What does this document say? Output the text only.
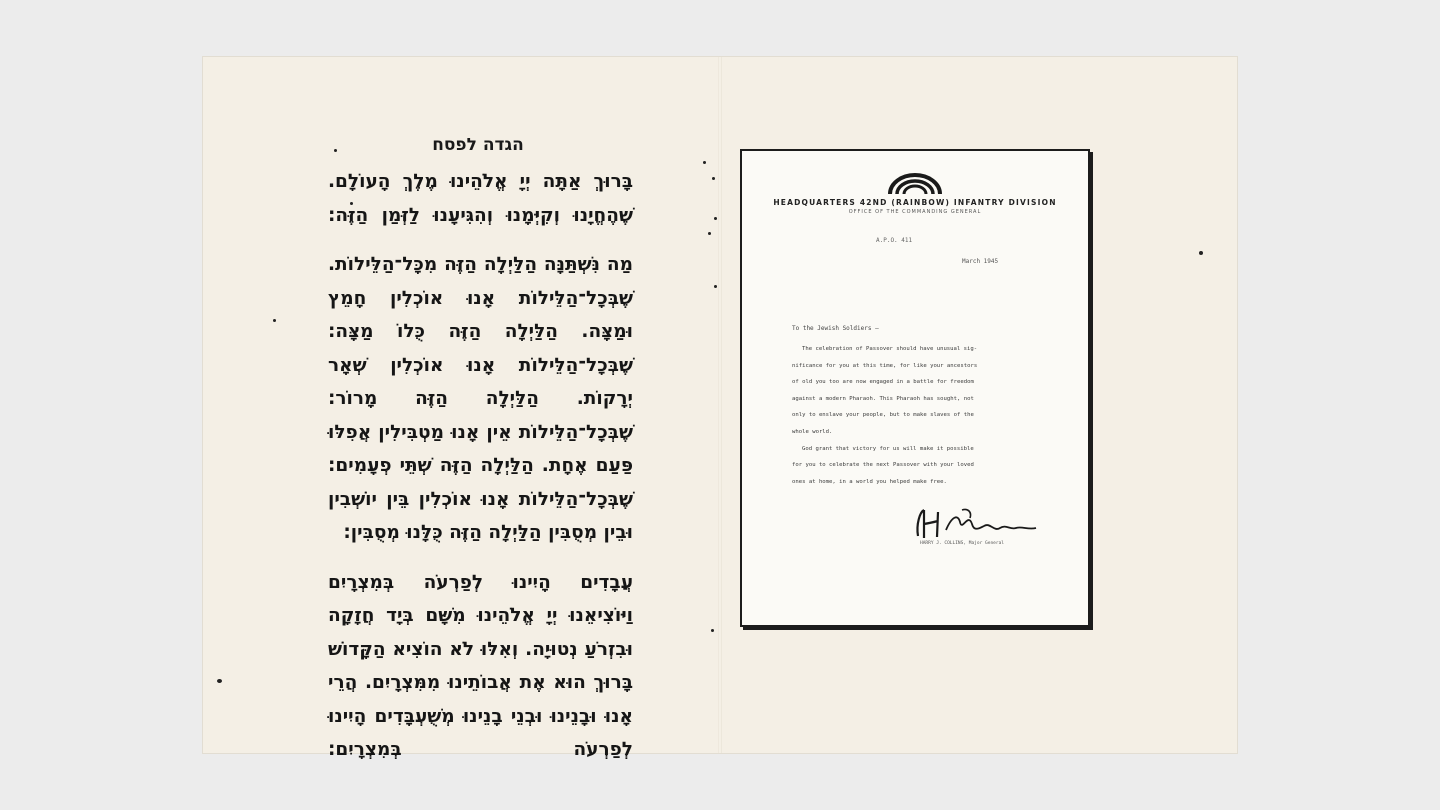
הגדה לפסח

בָּרוּךְ אַתָּה יְיָ אֱלֹהֵינוּ מֶלֶךְ הָעוֹלָם. שֶׁהֶחֱיָנוּ וְקִיְּמָנוּ וְהִגִּיעָנוּ לַזְּמַן הַזֶּה:

מַה נִּשְׁתַּנָּה הַלַּיְלָה הַזֶּה מִכָּל־הַלֵּילוֹת. שֶׁבְּכָל־הַלֵּילוֹת אָנוּ אוֹכְלִין חָמֵץ וּמַצָּה. הַלַּיְלָה הַזֶּה כֻּלוֹ מַצָּה: שֶׁבְּכָל־הַלֵּילוֹת אָנוּ אוֹכְלִין שְׁאָר יְרָקוֹת. הַלַּיְלָה הַזֶּה מָרוֹר: שֶׁבְּכָל־הַלֵּילוֹת אֵין אָנוּ מַטְבִּילִין אֲפִלּוּ פַּעַם אֶחָת. הַלַּיְלָה הַזֶּה שְׁתֵּי פְעָמִים: שֶׁבְּכָל־הַלֵּילוֹת אָנוּ אוֹכְלִין בֵּין יוֹשְׁבִין וּבֵין מְסֻבִּין הַלַּיְלָה הַזֶּה כֻּלָּנוּ מְסֻבִּין:

עֲבָדִים הָיִינוּ לְפַרְעֹה בְּמִצְרָיִם וַיּוֹצִיאֵנוּ יְיָ אֱלֹהֵינוּ מִשָּׁם בְּיָד חֲזָקָה וּבִזְרֹעַ נְטוּיָה. וְאִלּוּ לֹא הוֹצִיא הַקָּדוֹשׁ בָּרוּךְ הוּא אֶת אֲבוֹתֵינוּ מִמִּצְרָיִם. הֲרֵי אָנוּ וּבָנֵינוּ וּבְנֵי בָנֵינוּ מְשֻׁעְבָּדִים הָיִינוּ לְפַרְעֹה בְּמִצְרָיִם:

HEADQUARTERS 42ND (RAINBOW) INFANTRY DIVISION
OFFICE OF THE COMMANDING GENERAL
A.P.O. 411
March 1945
To the Jewish Soldiers —
The celebration of Passover should have unusual sig-
nificance for you at this time, for like your ancestors
of old you too are now engaged in a battle for freedom
against a modern Pharaoh. This Pharaoh has sought, not
only to enslave your people, but to make slaves of the
whole world.
God grant that victory for us will make it possible
for you to celebrate the next Passover with your loved
ones at home, in a world you helped make free.
HARRY J. COLLINS, Major General
